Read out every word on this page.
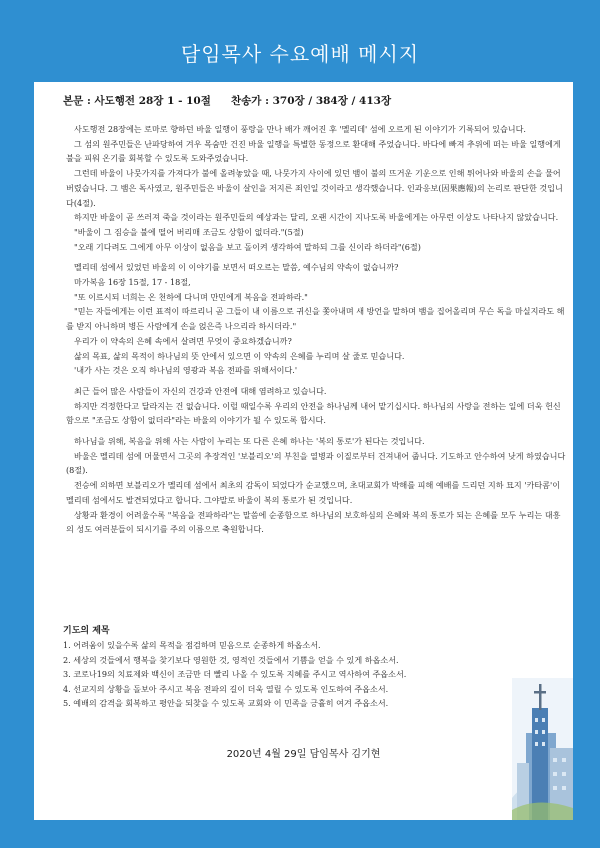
담임목사 수요예배 메시지
본문 : 사도행전 28장 1 - 10절 찬송가 : 370장 / 384장 / 413장

사도행전 28장에는 로마로 향하던 바울 일행이 풍랑을 만나 배가 깨어진 후 '멜리데' 섬에 오르게 된 이야기가 기록되어 있습니다.

그 섬의 원주민들은 난파당하여 겨우 목숨만 건진 바울 일행을 특별한 동정으로 환대해 주었습니다. 바다에 빠져 추위에 떠는 바울 일행에게 불을 피워 온기를 회복할 수 있도록 도와주었습니다.

그런데 바울이 나뭇가지를 가져다가 불에 올려놓았을 때, 나뭇가지 사이에 있던 뱀이 불의 뜨거운 기운으로 인해 튀어나와 바울의 손을 물어버렸습니다. 그 뱀은 독사였고, 원주민들은 바울이 살인을 저지른 죄인일 것이라고 생각했습니다. 인과응보(因果應報)의 논리로 판단한 것입니다(4절).

하지만 바울이 곧 쓰러져 죽을 것이라는 원주민들의 예상과는 달리, 오랜 시간이 지나도록 바울에게는 아무런 이상도 나타나지 않았습니다.

"바울이 그 짐승을 불에 떨어 버리매 조금도 상함이 없더라."(5절)

"오래 기다려도 그에게 아무 이상이 없음을 보고 돌이켜 생각하여 말하되 그를 신이라 하더라"(6절)

멜리데 섬에서 있었던 바울의 이 이야기를 보면서 떠오르는 말씀, 예수님의 약속이 없습니까?

마가복음 16장 15절, 17 - 18절,

"또 이르시되 너희는 온 천하에 다니며 만민에게 복음을 전파하라."

"믿는 자들에게는 이런 표적이 따르리니 곧 그들이 내 이름으로 귀신을 쫓아내며 새 방언을 말하며 뱀을 집어올리며 무슨 독을 마실지라도 해를 받지 아니하며 병든 사람에게 손을 얹은즉 나으리라 하시더라."

우리가 이 약속의 은혜 속에서 살려면 무엇이 중요하겠습니까?

삶의 목표, 삶의 목적이 하나님의 뜻 안에서 있으면 이 약속의 은혜를 누리며 살 줄로 믿습니다.

'내가 사는 것은 오직 하나님의 영광과 복음 전파를 위해서이다.'

최근 들어 많은 사람들이 자신의 건강과 안전에 대해 염려하고 있습니다.

하지만 걱정한다고 달라지는 건 없습니다. 이럴 때일수록 우리의 안전을 하나님께 내어 맡기십시다. 하나님의 사랑을 전하는 일에 더욱 헌신함으로 "조금도 상함이 없더라"라는 바울의 이야기가 될 수 있도록 합시다.

하나님을 위해, 복음을 위해 사는 사람이 누리는 또 다른 은혜 하나는 '복의 통로'가 된다는 것입니다.

바울은 멜리데 섬에 머물면서 그곳의 추장격인 '보블리오'의 부친을 열병과 이질로부터 건져내어 줍니다. 기도하고 안수하여 낫게 하였습니다(8절).

전승에 의하면 보블리오가 멜리데 섬에서 최초의 감독이 되었다가 순교했으며, 초대교회가 박해를 피해 예배를 드리던 지하 묘지 '카타콤'이 멜리데 섬에서도 발견되었다고 합니다. 그야말로 바울이 복의 통로가 된 것입니다.

상황과 환경이 어려울수록 "복음을 전파하라"는 말씀에 순종함으로 하나님의 보호하심의 은혜와 복의 통로가 되는 은혜를 모두 누리는 대흥의 성도 여러분들이 되시기를 주의 이름으로 축원합니다.

기도의 제목
1. 어려움이 있을수록 삶의 목적을 점검하며 믿음으로 순종하게 하옵소서.
2. 세상의 것들에서 행복을 찾기보다 영원한 것, 영적인 것들에서 기쁨을 얻을 수 있게 하옵소서.
3. 코로나19의 치료제와 백신이 조금만 더 빨리 나올 수 있도록 지혜를 주시고 역사하여 주옵소서.
4. 선교지의 상황을 돌보아 주시고 복음 전파의 길이 더욱 열릴 수 있도록 인도하여 주옵소서.
5. 예배의 감격을 회복하고 평안을 되찾을 수 있도록 교회와 이 민족을 긍휼히 여겨 주옵소서.
2020년 4월 29일 담임목사 김기현
